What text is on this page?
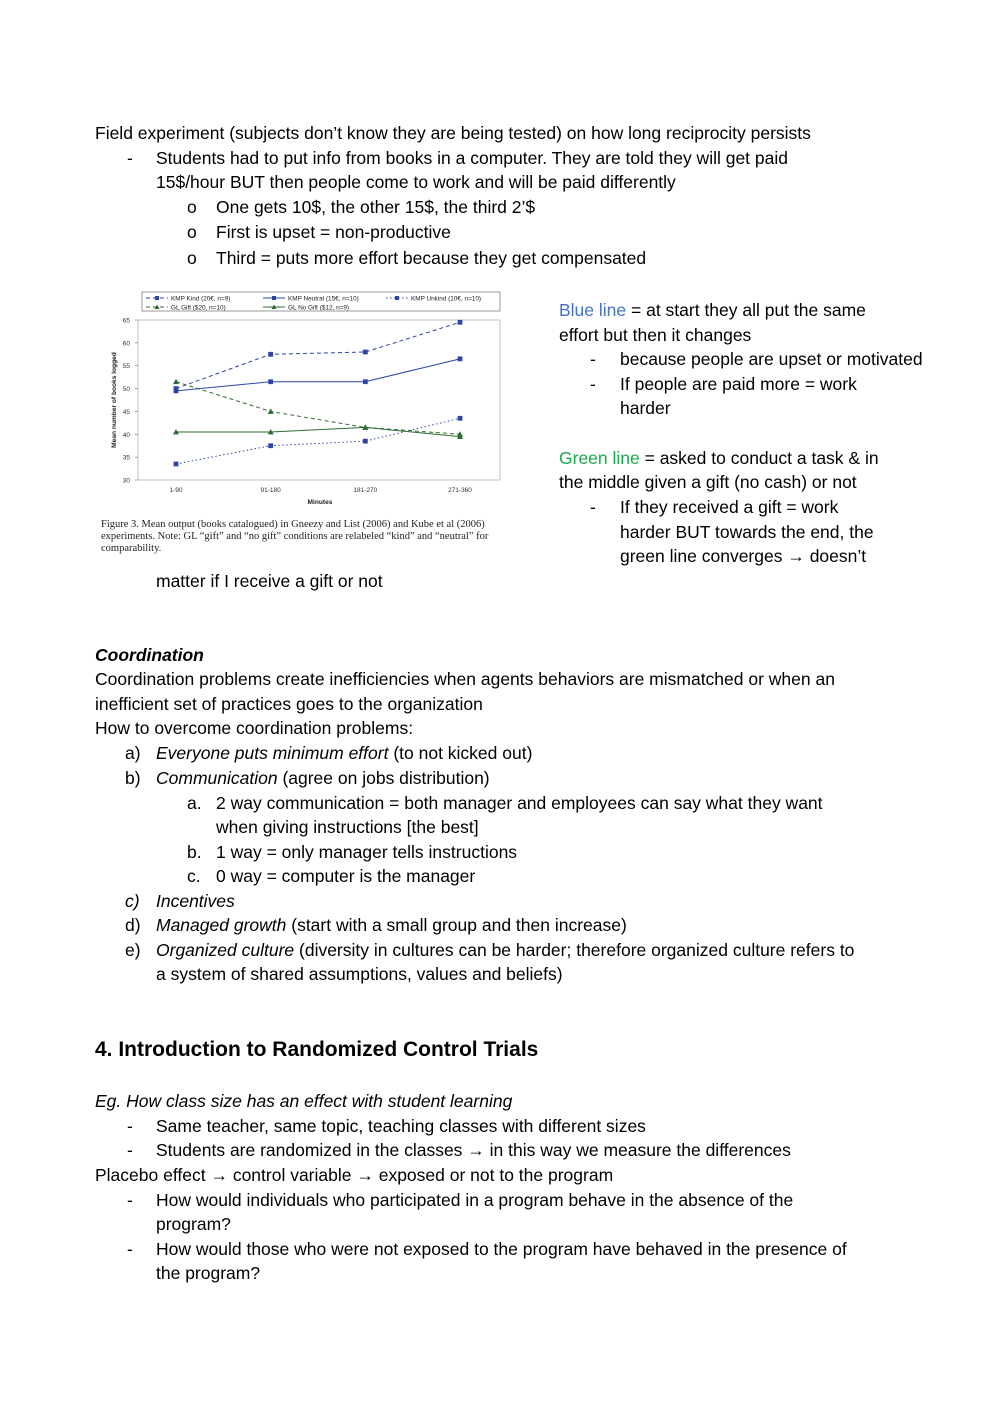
Field experiment (subjects don’t know they are being tested) on how long reciprocity persists
- Students had to put info from books in a computer. They are told they will get paid
15$/hour BUT then people come to work and will be paid differently
o One gets 10$, the other 15$, the third 2’$
o First is upset = non-productive
o Third = puts more effort because they get compensated
KMP Kind (20€, n=9)	KMP Neutral (15€, n=10)	KMP Unkind (10€, n=10)
GL Gift ($20, n=10)	GL No Gift ($12, n=9)
30
35
40
45
50
55
60
65
1-90	91-180	181-270	271-360
Minutes
Mean number of books logged
Figure 3. Mean output (books catalogued) in Gneezy and List (2006) and Kube et al (2006)
experiments. Note: GL “gift” and “no gift” conditions are relabeled “kind” and “neutral” for
comparability.
Blue line = at start they all put the same
effort but then it changes
- because people are upset or motivated
- If people are paid more = work
harder
Green line = asked to conduct a task & in
the middle given a gift (no cash) or not
- If they received a gift = work
harder BUT towards the end, the
green line converges → doesn’t
matter if I receive a gift or not
Coordination
Coordination problems create inefficiencies when agents behaviors are mismatched or when an
inefficient set of practices goes to the organization
How to overcome coordination problems:
a) Everyone puts minimum effort (to not kicked out)
b) Communication (agree on jobs distribution)
a. 2 way communication = both manager and employees can say what they want
when giving instructions [the best]
b. 1 way = only manager tells instructions
c. 0 way = computer is the manager
c) Incentives
d) Managed growth (start with a small group and then increase)
e) Organized culture (diversity in cultures can be harder; therefore organized culture refers to
a system of shared assumptions, values and beliefs)
4. Introduction to Randomized Control Trials
Eg. How class size has an effect with student learning
- Same teacher, same topic, teaching classes with different sizes
- Students are randomized in the classes → in this way we measure the differences
Placebo effect → control variable → exposed or not to the program
- How would individuals who participated in a program behave in the absence of the
program?
- How would those who were not exposed to the program have behaved in the presence of
the program?
